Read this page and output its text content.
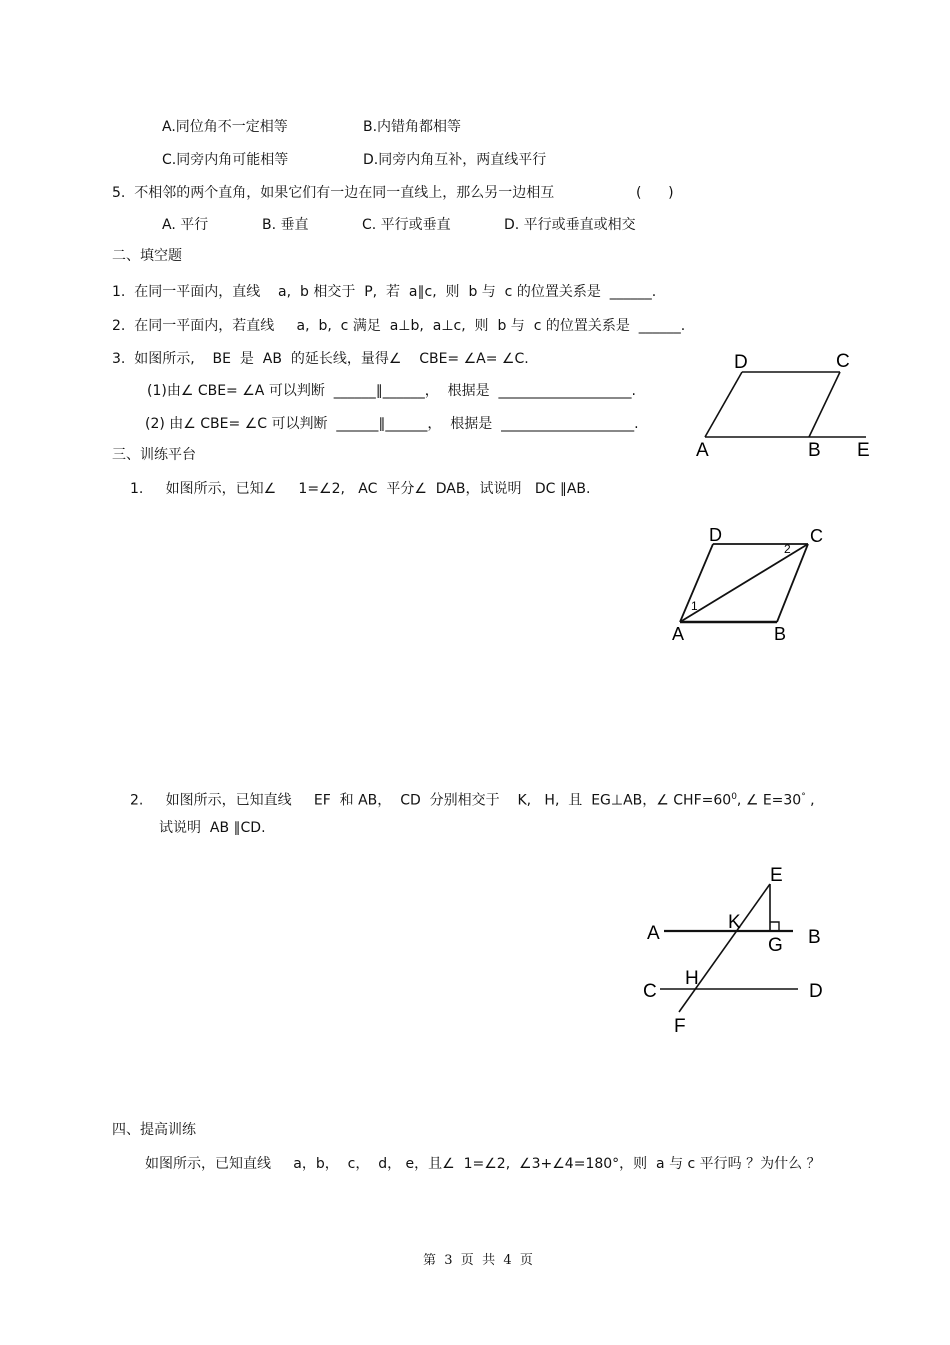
A.同位角不一定相等	B.内错角都相等
C.同旁内角可能相等	D.同旁内角互补，两直线平行
5.  不相邻的两个直角，如果它们有一边在同一直线上，那么另一边相互	(      )
A. 平行	B. 垂直	C. 平行或垂直	D. 平行或垂直或相交
二、填空题
1.  在同一平面内，直线    a,  b 相交于  P,  若  a∥c,  则  b 与  c 的位置关系是  ______.
2.  在同一平面内，若直线     a,  b,  c 满足  a⊥b,  a⊥c,  则  b 与  c 的位置关系是  ______.
3.  如图所示,    BE  是  AB  的延长线，量得∠    CBE= ∠A= ∠C.
(1)由∠ CBE= ∠A 可以判断  ______∥______，  根据是  ___________________.
(2) 由∠ CBE= ∠C 可以判断  ______∥______，  根据是  ___________________.
A	B
C
D
E
三、训练平台
1.     如图所示，已知∠     1=∠2,   AC  平分∠  DAB，试说明   DC ∥AB.
A	B
C
D
1
2
2.     如图所示，已知直线     EF  和 AB，  CD  分别相交于    K,   H,  且  EG⊥AB，∠ $CHF=60^0$, ∠ E=30° ,
试说明  AB ∥CD.
A	B
C	D
E
F
G
H
K
四、提高训练
如图所示，已知直线     a，b，  c，  d， e，且∠  1=∠2,  ∠3+∠4=180°，则  a 与 c 平行吗 ？为什么 ？
第  3  页  共  4  页
